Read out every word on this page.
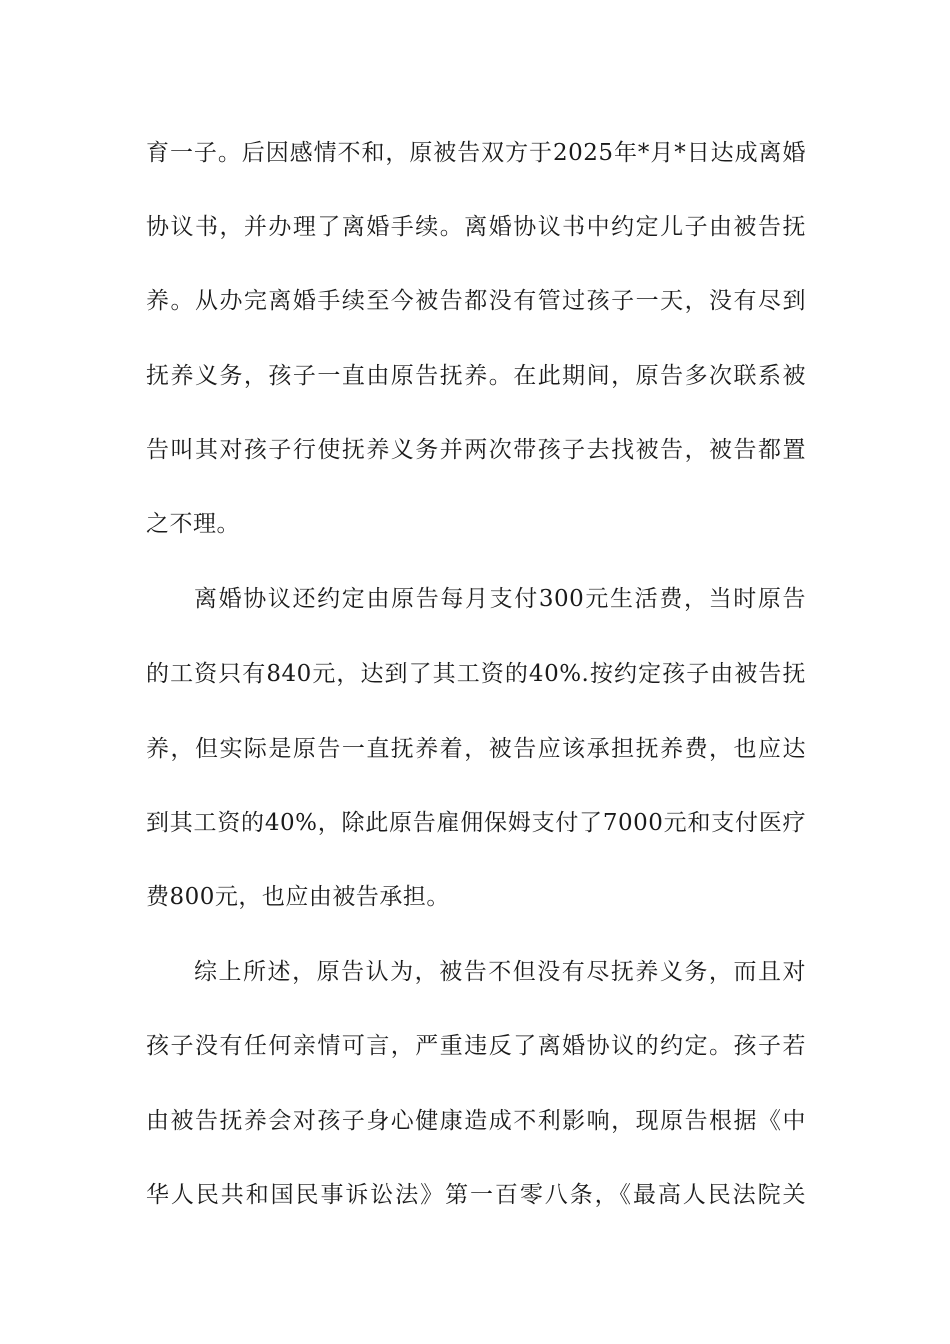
育一子。后因感情不和，原被告双方于2025年*月*日达成离婚
协议书，并办理了离婚手续。离婚协议书中约定儿子由被告抚
养。从办完离婚手续至今被告都没有管过孩子一天，没有尽到
抚养义务，孩子一直由原告抚养。在此期间，原告多次联系被
告叫其对孩子行使抚养义务并两次带孩子去找被告，被告都置
之不理。
离婚协议还约定由原告每月支付300元生活费，当时原告
的工资只有840元，达到了其工资的40%.按约定孩子由被告抚
养，但实际是原告一直抚养着，被告应该承担抚养费，也应达
到其工资的40%，除此原告雇佣保姆支付了7000元和支付医疗
费800元，也应由被告承担。
综上所述，原告认为，被告不但没有尽抚养义务，而且对
孩子没有任何亲情可言，严重违反了离婚协议的约定。孩子若
由被告抚养会对孩子身心健康造成不利影响，现原告根据《中
华人民共和国民事诉讼法》第一百零八条，《最高人民法院关
